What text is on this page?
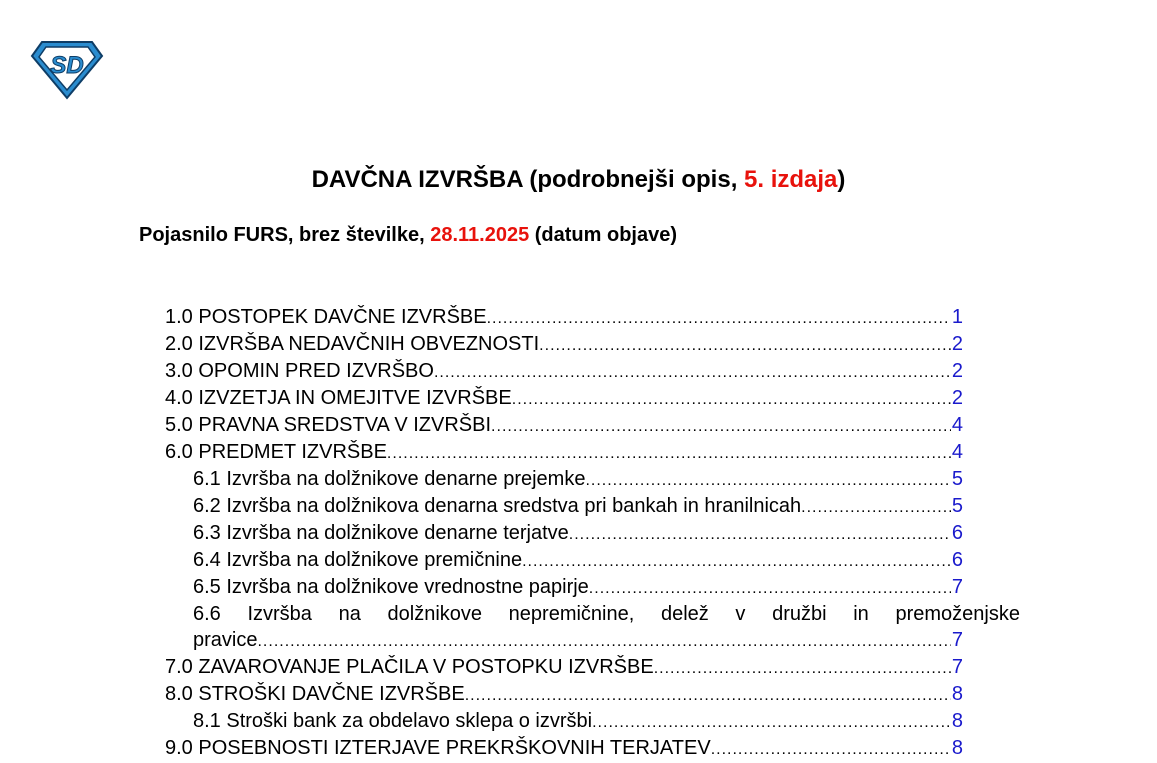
SD
DAVČNA IZVRŠBA (podrobnejši opis, 5. izdaja)
Pojasnilo FURS, brez številke, 28.11.2025 (datum objave)
1.0 POSTOPEK DAVČNE IZVRŠBE .....	1
2.0 IZVRŠBA NEDAVČNIH OBVEZNOSTI .....	2
3.0 OPOMIN PRED IZVRŠBO .....	2
4.0 IZVZETJA IN OMEJITVE IZVRŠBE .....	2
5.0 PRAVNA SREDSTVA V IZVRŠBI .....	4
6.0 PREDMET IZVRŠBE .....	4
6.1 Izvršba na dolžnikove denarne prejemke .....	5
6.2 Izvršba na dolžnikova denarna sredstva pri bankah in hranilnicah .....	5
6.3 Izvršba na dolžnikove denarne terjatve .....	6
6.4 Izvršba na dolžnikove premičnine .....	6
6.5 Izvršba na dolžnikove vrednostne papirje .....	7
6.6 Izvršba na dolžnikove nepremičnine, delež v družbi in premoženjske
pravice .....	7
7.0 ZAVAROVANJE PLAČILA V POSTOPKU IZVRŠBE .....	7
8.0 STROŠKI DAVČNE IZVRŠBE .....	8
8.1 Stroški bank za obdelavo sklepa o izvršbi .....	8
9.0 POSEBNOSTI IZTERJAVE PREKRŠKOVNIH TERJATEV .....	8
